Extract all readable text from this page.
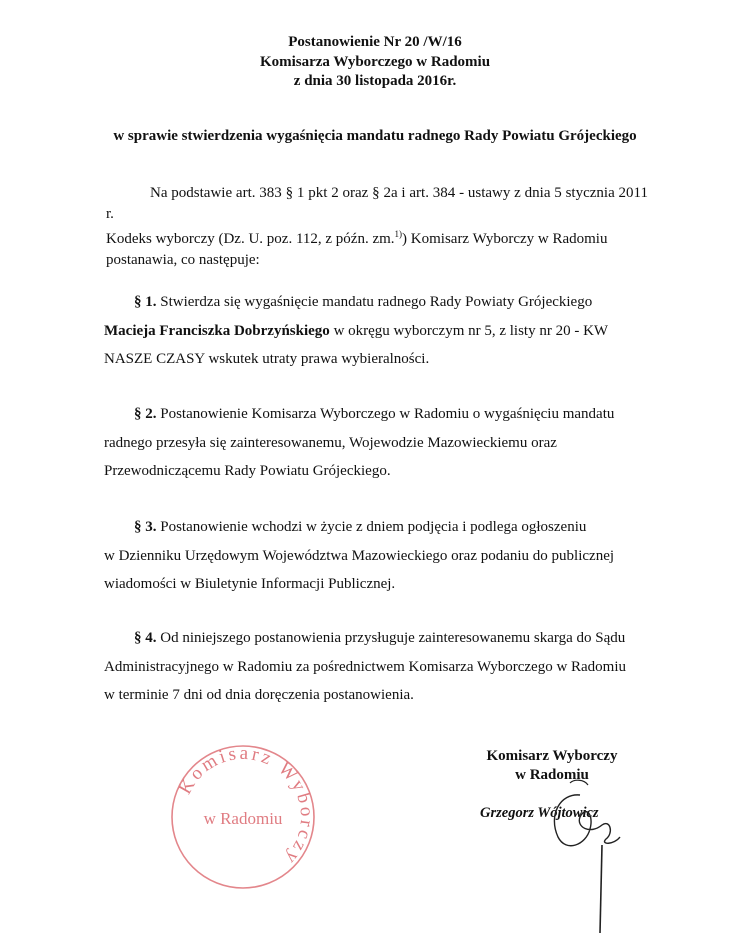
Postanowienie Nr 20 /W/16
Komisarza Wyborczego w Radomiu
z dnia 30 listopada 2016r.
w sprawie stwierdzenia wygaśnięcia mandatu radnego Rady Powiatu Grójeckiego
Na podstawie art. 383 § 1 pkt 2 oraz § 2a i art. 384 - ustawy z dnia 5 stycznia 2011 r.
Kodeks wyborczy (Dz. U. poz. 112, z późn. zm.$^{1)}$) Komisarz Wyborczy w Radomiu
postanawia, co następuje:

§ 1. Stwierdza się wygaśnięcie mandatu radnego Rady Powiaty Grójeckiego

Macieja Franciszka Dobrzyńskiego w okręgu wyborczym nr 5, z listy nr 20 - KW

NASZE CZASY wskutek utraty prawa wybieralności.

§ 2. Postanowienie Komisarza Wyborczego w Radomiu o wygaśnięciu mandatu

radnego przesyła się zainteresowanemu, Wojewodzie Mazowieckiemu oraz

Przewodniczącemu Rady Powiatu Grójeckiego.

§ 3. Postanowienie wchodzi w życie z dniem podjęcia i podlega ogłoszeniu

w Dzienniku Urzędowym Województwa Mazowieckiego oraz podaniu do publicznej

wiadomości w Biuletynie Informacji Publicznej.

§ 4. Od niniejszego postanowienia przysługuje zainteresowanemu skarga do Sądu

Administracyjnego w Radomiu za pośrednictwem Komisarza Wyborczego w Radomiu

w terminie 7 dni od dnia doręczenia postanowienia.

Komisarz Wyborczy
w Radomiu
Komisarz Wyborczy
w Radomiu
Grzegorz Wójtowicz
